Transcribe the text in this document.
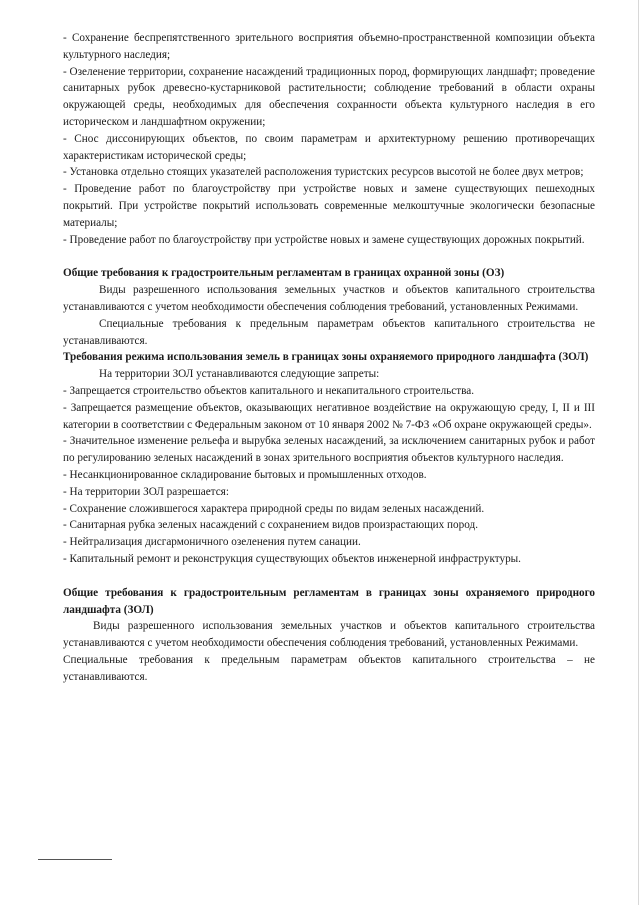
- Сохранение беспрепятственного зрительного восприятия объемно-пространственной композиции объекта культурного наследия;

- Озеленение территории, сохранение насаждений традиционных пород, формирующих ландшафт; проведение санитарных рубок древесно-кустарниковой растительности; соблюдение требований в области охраны окружающей среды, необходимых для обеспечения сохранности объекта культурного наследия в его историческом и ландшафтном окружении;

- Снос диссонирующих объектов, по своим параметрам и архитектурному решению противоречащих характеристикам исторической среды;

- Установка отдельно стоящих указателей расположения туристских ресурсов высотой не более двух метров;

- Проведение работ по благоустройству при устройстве новых и замене существующих пешеходных покрытий. При устройстве покрытий использовать современные мелкоштучные экологически безопасные материалы;

- Проведение работ по благоустройству при устройстве новых и замене существующих дорожных покрытий.

Общие требования к градостроительным регламентам в границах охранной зоны (ОЗ)

Виды разрешенного использования земельных участков и объектов капитального строительства устанавливаются с учетом необходимости обеспечения соблюдения требований, установленных Режимами.

Специальные требования к предельным параметрам объектов капитального строительства не устанавливаются.

Требования режима использования земель в границах зоны охраняемого природного ландшафта (ЗОЛ)

На территории ЗОЛ устанавливаются следующие запреты:

- Запрещается строительство объектов капитального и некапитального строительства.

- Запрещается размещение объектов, оказывающих негативное воздействие на окружающую среду, I, II и III категории в соответствии с Федеральным законом от 10 января 2002 № 7-ФЗ «Об охране окружающей среды».

- Значительное изменение рельефа и вырубка зеленых насаждений, за исключением санитарных рубок и работ по регулированию зеленых насаждений в зонах зрительного восприятия объектов культурного наследия.

- Несанкционированное складирование бытовых и промышленных отходов.

- На территории ЗОЛ разрешается:

- Сохранение сложившегося характера природной среды по видам зеленых насаждений.

- Санитарная рубка зеленых насаждений с сохранением видов произрастающих пород.

- Нейтрализация дисгармоничного озеленения путем санации.

- Капитальный ремонт и реконструкция существующих объектов инженерной инфраструктуры.

Общие требования к градостроительным регламентам в границах зоны охраняемого природного ландшафта (ЗОЛ)

Виды разрешенного использования земельных участков и объектов капитального строительства устанавливаются с учетом необходимости обеспечения соблюдения требований, установленных Режимами.

Специальные требования к предельным параметрам объектов капитального строительства – не устанавливаются.
